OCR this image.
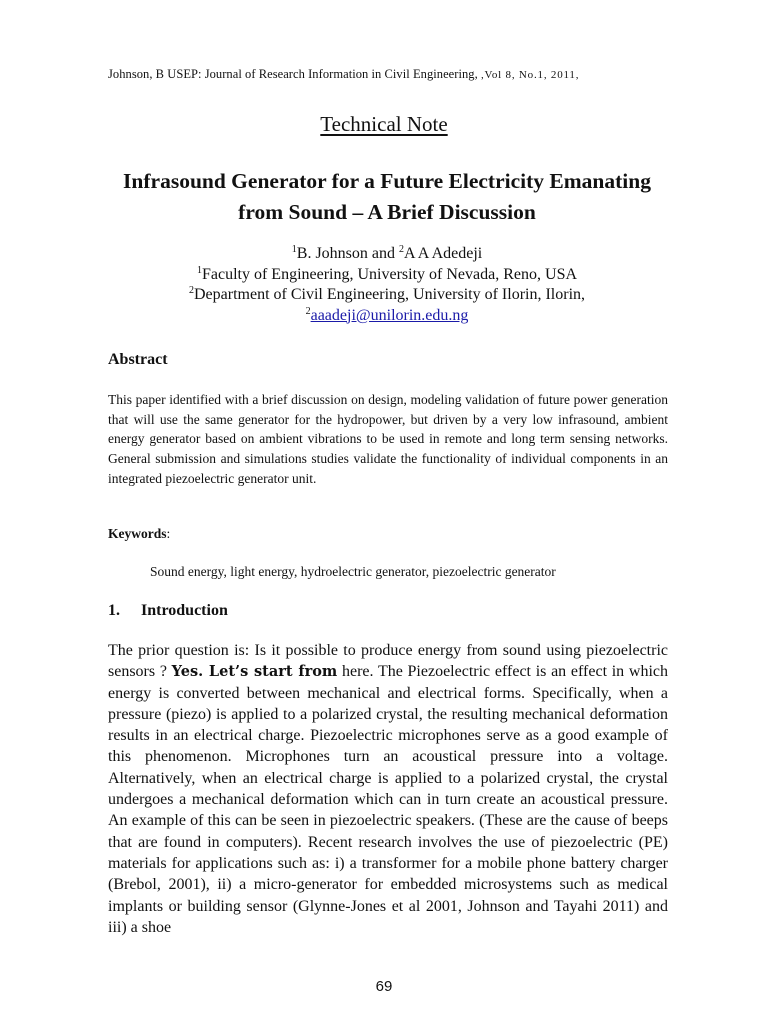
Johnson, B USEP: Journal of Research Information in Civil Engineering, ,Vol 8, No.1, 2011,
Technical Note
Infrasound Generator for a Future Electricity Emanating from Sound – A Brief Discussion
$^1$B. Johnson and $^2$A A Adedeji
$^1$Faculty of Engineering, University of Nevada, Reno, USA
$^2$Department of Civil Engineering, University of Ilorin, Ilorin,
$^2$aaadeji@unilorin.edu.ng
Abstract
This paper identified with a brief discussion on design, modeling validation of future power generation that will use the same generator for the hydropower, but driven by a very low infrasound, ambient energy generator based on ambient vibrations to be used in remote and long term sensing networks. General submission and simulations studies validate the functionality of individual components in an integrated piezoelectric generator unit.
Keywords:
Sound energy, light energy, hydroelectric generator, piezoelectric generator
1. Introduction
The prior question is: Is it possible to produce energy from sound using piezoelectric sensors ? Yes. Let’s start from here. The Piezoelectric effect is an effect in which energy is converted between mechanical and electrical forms. Specifically, when a pressure (piezo) is applied to a polarized crystal, the resulting mechanical deformation results in an electrical charge. Piezoelectric microphones serve as a good example of this phenomenon. Microphones turn an acoustical pressure into a voltage. Alternatively, when an electrical charge is applied to a polarized crystal, the crystal undergoes a mechanical deformation which can in turn create an acoustical pressure. An example of this can be seen in piezoelectric speakers. (These are the cause of beeps that are found in computers). Recent research involves the use of piezoelectric (PE) materials for applications such as: i) a transformer for a mobile phone battery charger (Brebol, 2001), ii) a micro-generator for embedded microsystems such as medical implants or building sensor (Glynne-Jones et al 2001, Johnson and Tayahi 2011) and iii) a shoe
69
